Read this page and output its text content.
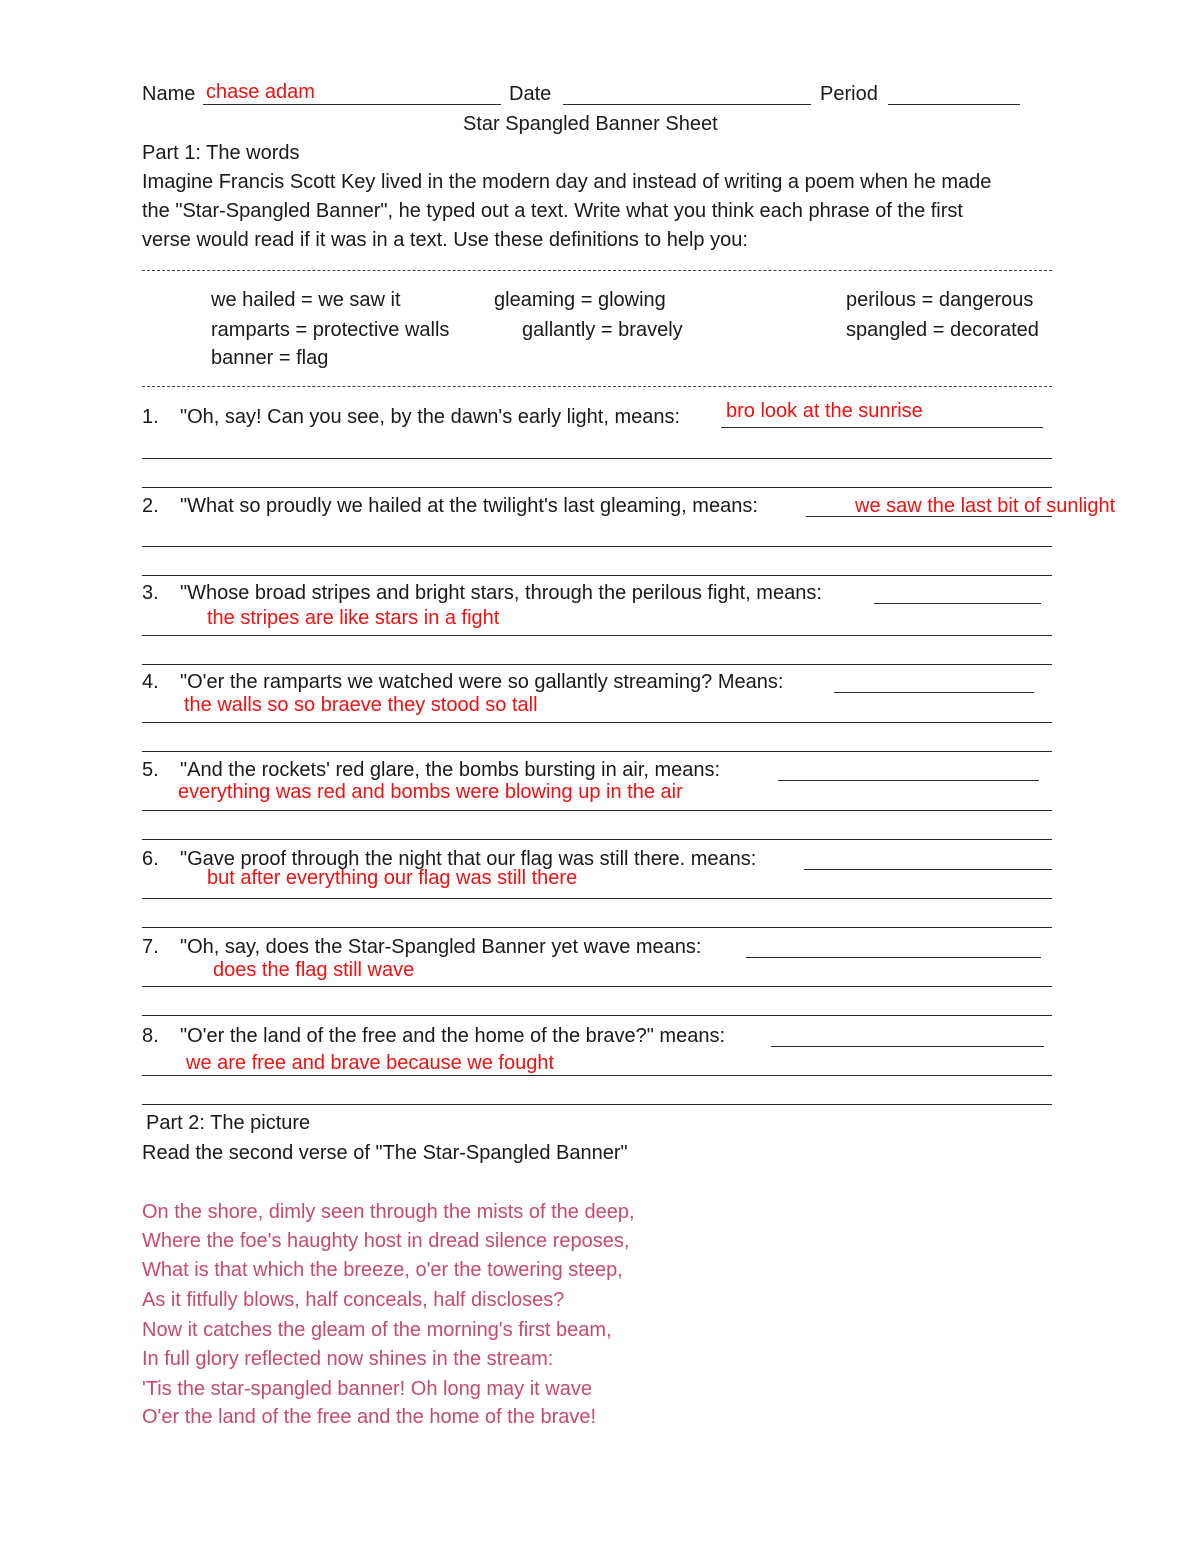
Name chase adam	Date	Period
Star Spangled Banner Sheet
Part 1: The words
Imagine Francis Scott Key lived in the modern day and instead of writing a poem when he made
the "Star-Spangled Banner", he typed out a text. Write what you think each phrase of the first
verse would read if it was in a text. Use these definitions to help you:
we hailed = we saw it	gleaming = glowing	perilous = dangerous
ramparts = protective walls	gallantly = bravely	spangled = decorated
banner = flag
1. "Oh, say! Can you see, by the dawn's early light, means: bro look at the sunrise
2. "What so proudly we hailed at the twilight's last gleaming, means:	we saw the last bit of sunlight
3. "Whose broad stripes and bright stars, through the perilous fight, means:
the stripes are like stars in a fight
4. "O'er the ramparts we watched were so gallantly streaming? Means:
the walls so so braeve they stood so tall
5. "And the rockets' red glare, the bombs bursting in air, means:
everything was red and bombs were blowing up in the air
6. "Gave proof through the night that our flag was still there. means:
but after everything our flag was still there
7. "Oh, say, does the Star-Spangled Banner yet wave means:
does the flag still wave
8. "O'er the land of the free and the home of the brave?" means:
we are free and brave because we fought
Part 2: The picture
Read the second verse of "The Star-Spangled Banner"
On the shore, dimly seen through the mists of the deep,
Where the foe's haughty host in dread silence reposes,
What is that which the breeze, o'er the towering steep,
As it fitfully blows, half conceals, half discloses?
Now it catches the gleam of the morning's first beam,
In full glory reflected now shines in the stream:
'Tis the star-spangled banner! Oh long may it wave
O'er the land of the free and the home of the brave!
